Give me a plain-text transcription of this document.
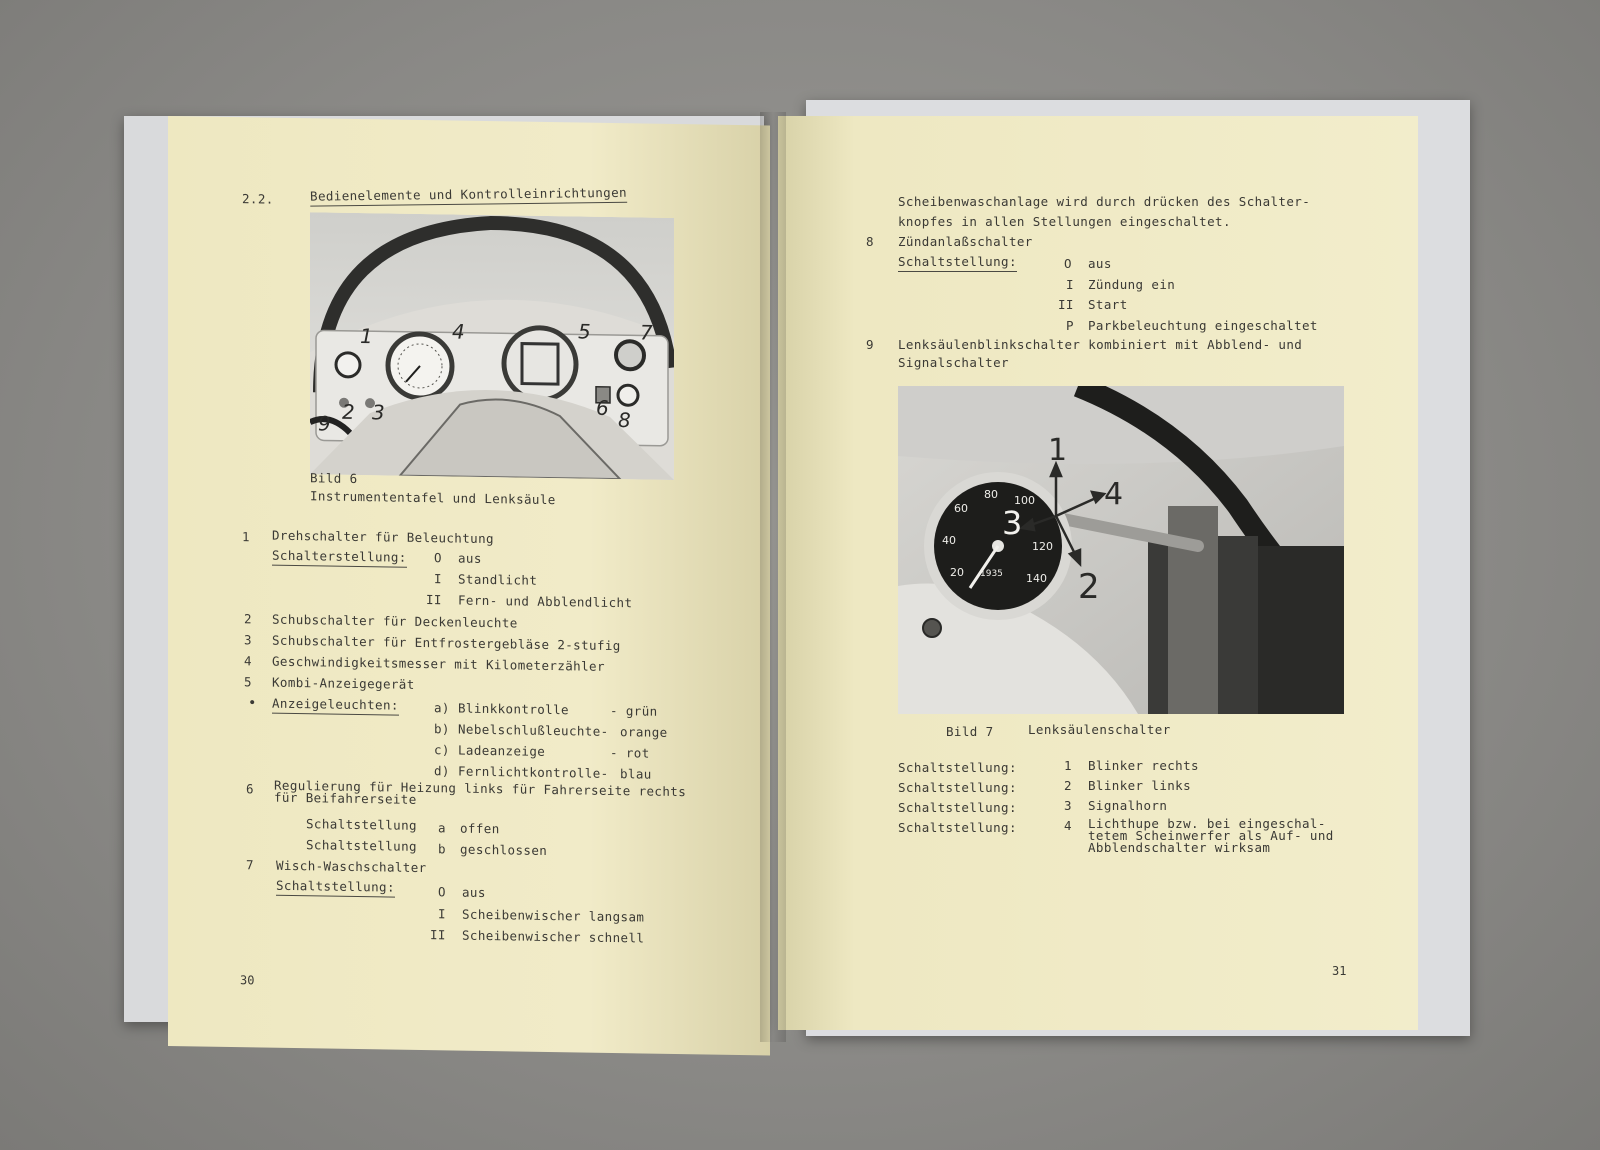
2.2.	Bedienelemente und Kontrolleinrichtungen
1
2 3
4	5
6
7
8
9
Bild 6
Instrumententafel und Lenksäule
1 Drehschalter für Beleuchtung
Schalterstellung: O aus
I Standlicht
II Fern- und Abblendlicht
2 Schubschalter für Deckenleuchte
3 Schubschalter für Entfrostergebläse 2-stufig
4 Geschwindigkeitsmesser mit Kilometerzähler
5 Kombi-Anzeigegerät
• Anzeigeleuchten:	a) Blinkkontrolle	- grün
b) Nebelschlußleuchte- orange
c) Ladeanzeige	- rot
d) Fernlichtkontrolle- blau
6 Regulierung für Heizung links für Fahrerseite rechts für Beifahrerseite
Schaltstellung a offen
Schaltstellung b geschlossen
7 Wisch-Waschschalter
Schaltstellung:	O aus
I Scheibenwischer langsam
II Scheibenwischer schnell
30
Scheibenwaschanlage wird durch drücken des Schalter-
knopfes in allen Stellungen eingeschaltet.
8 Zündanlaßschalter
Schaltstellung:	O aus
I Zündung ein
II Start
P Parkbeleuchtung eingeschaltet
9 Lenksäulenblinkschalter kombiniert mit Abblend- und
Signalschalter
20
40
60
80 100
120
140
1935
1
2
3
4
Bild 7	Lenksäulenschalter
Schaltstellung:	1 Blinker rechts
Schaltstellung:	2 Blinker links
Schaltstellung:	3 Signalhorn
Schaltstellung:	4 Lichthupe bzw. bei eingeschal-
tetem Scheinwerfer als Auf- und
Abblendschalter wirksam
31
